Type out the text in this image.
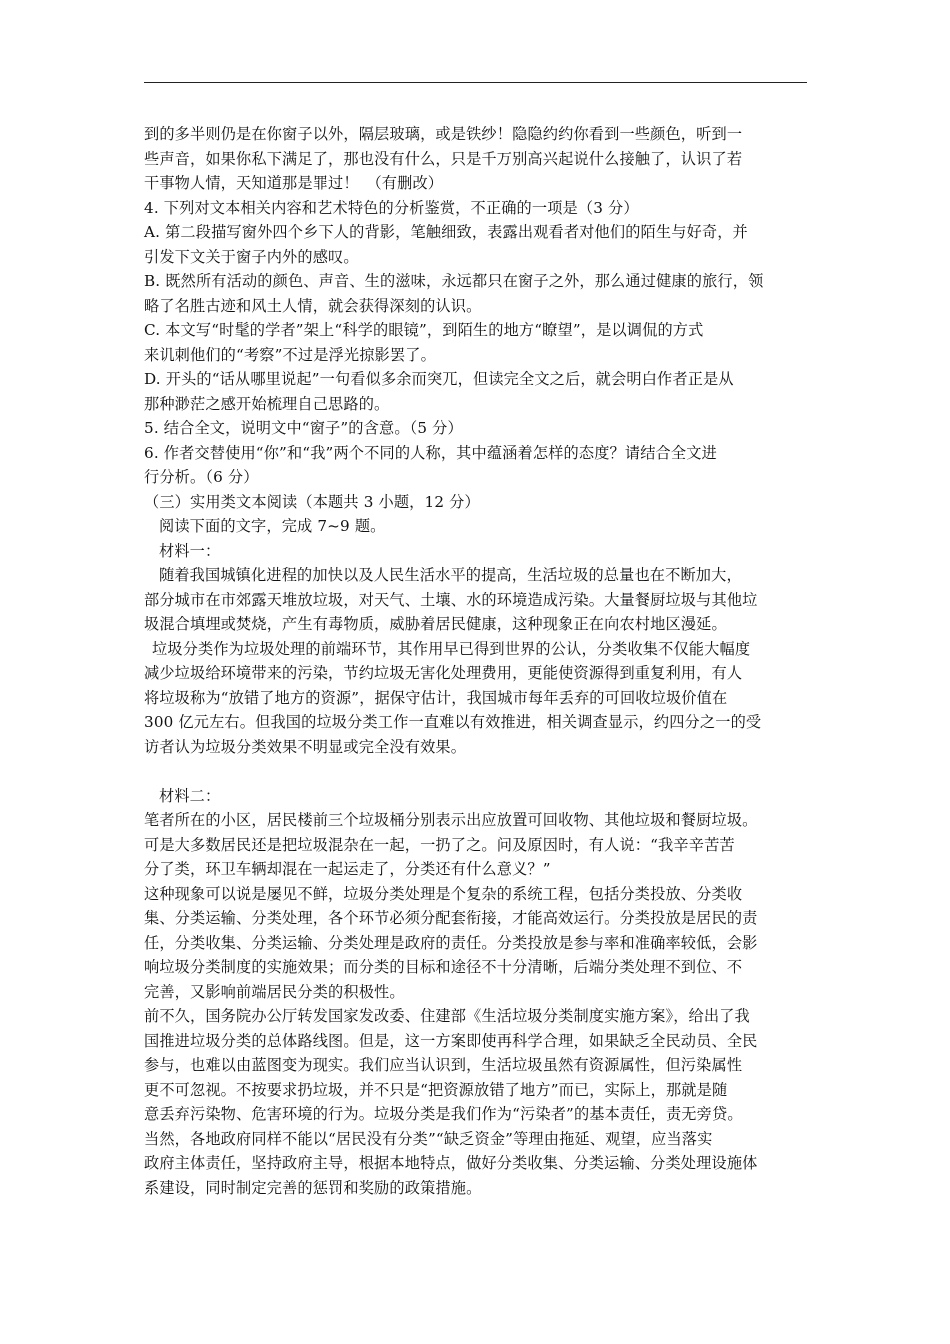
到的多半则仍是在你窗子以外，隔层玻璃，或是铁纱！隐隐约约你看到一些颜色，听到一
些声音，如果你私下满足了，那也没有什么，只是千万别高兴起说什么接触了，认识了若
干事物人情，天知道那是罪过！　（有删改）
4. 下列对文本相关内容和艺术特色的分析鉴赏，不正确的一项是（3 分）
A. 第二段描写窗外四个乡下人的背影，笔触细致，表露出观看者对他们的陌生与好奇，并
引发下文关于窗子内外的感叹。
B. 既然所有活动的颜色、声音、生的滋味，永远都只在窗子之外，那么通过健康的旅行，领
略了名胜古迹和风土人情，就会获得深刻的认识。
C. 本文写“时髦的学者”架上“科学的眼镜”，到陌生的地方“瞭望”，是以调侃的方式
来讥刺他们的“考察”不过是浮光掠影罢了。
D. 开头的“话从哪里说起”一句看似多余而突兀，但读完全文之后，就会明白作者正是从
那种渺茫之感开始梳理自己思路的。
5. 结合全文，说明文中“窗子”的含意。（5 分）
6. 作者交替使用“你”和“我”两个不同的人称，其中蕴涵着怎样的态度？请结合全文进
行分析。（6 分）
（三）实用类文本阅读（本题共 3 小题，12 分）
阅读下面的文字，完成 7~9 题。
材料一：
随着我国城镇化进程的加快以及人民生活水平的提高，生活垃圾的总量也在不断加大，
部分城市在市郊露天堆放垃圾，对天气、土壤、水的环境造成污染。大量餐厨垃圾与其他垃
圾混合填埋或焚烧，产生有毒物质，威胁着居民健康，这种现象正在向农村地区漫延。
垃圾分类作为垃圾处理的前端环节，其作用早已得到世界的公认，分类收集不仅能大幅度
减少垃圾给环境带来的污染，节约垃圾无害化处理费用，更能使资源得到重复利用，有人
将垃圾称为“放错了地方的资源”，据保守估计，我国城市每年丢弃的可回收垃圾价值在
300 亿元左右。但我国的垃圾分类工作一直难以有效推进，相关调查显示，约四分之一的受
访者认为垃圾分类效果不明显或完全没有效果。
材料二：
笔者所在的小区，居民楼前三个垃圾桶分别表示出应放置可回收物、其他垃圾和餐厨垃圾。
可是大多数居民还是把垃圾混杂在一起，一扔了之。问及原因时，有人说：“我辛辛苦苦
分了类，环卫车辆却混在一起运走了，分类还有什么意义？”
这种现象可以说是屡见不鲜，垃圾分类处理是个复杂的系统工程，包括分类投放、分类收
集、分类运输、分类处理，各个环节必须分配套衔接，才能高效运行。分类投放是居民的责
任，分类收集、分类运输、分类处理是政府的责任。分类投放是参与率和准确率较低，会影
响垃圾分类制度的实施效果；而分类的目标和途径不十分清晰，后端分类处理不到位、不
完善，又影响前端居民分类的积极性。
前不久，国务院办公厅转发国家发改委、住建部《生活垃圾分类制度实施方案》，给出了我
国推进垃圾分类的总体路线图。但是，这一方案即使再科学合理，如果缺乏全民动员、全民
参与，也难以由蓝图变为现实。我们应当认识到，生活垃圾虽然有资源属性，但污染属性
更不可忽视。不按要求扔垃圾，并不只是“把资源放错了地方”而已，实际上，那就是随
意丢弃污染物、危害环境的行为。垃圾分类是我们作为“污染者”的基本责任，责无旁贷。
当然，各地政府同样不能以“居民没有分类”“缺乏资金”等理由拖延、观望，应当落实
政府主体责任，坚持政府主导，根据本地特点，做好分类收集、分类运输、分类处理设施体
系建设，同时制定完善的惩罚和奖励的政策措施。
